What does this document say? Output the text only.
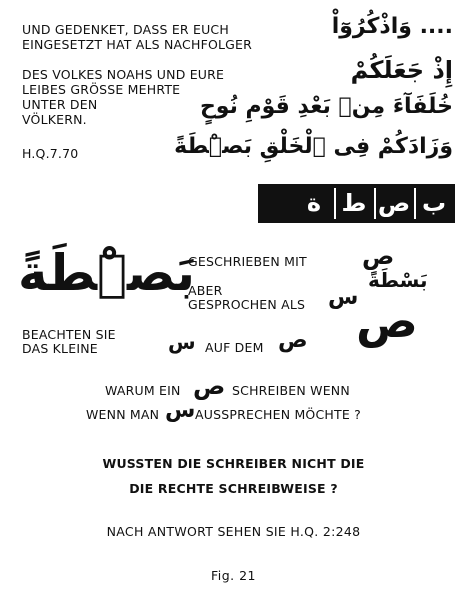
UND GEDENKET, DASS ER EUCH
EINGESETZT HAT ALS NACHFOLGER
DES VOLKES NOAHS UND EURE
LEIBES GRÖSSE MEHRTE
UNTER DEN
VÖLKERN.
H.Q.7.70
.... وَاذْكُرُوٓاْ
إِذْ جَعَلَكُمْ
خُلَفَآءَ مِنۢ بَعْدِ قَوْمِ نُوحٍ
وَزَادَكُمْ فِى ٱلْخَلْقِ بَصْۜطَةً
ب
ص
ط
ة
بَصْۜطَةً
GESCHRIEBEN MIT ص
ABER
GESPROCHEN ALS س
بَسْطَةً
ص
BEACHTEN SIE
DAS KLEINE	س AUF DEM ص
WARUM EIN ص SCHREIBEN WENN
WENN MAN س AUSSPRECHEN MÖCHTE ?
WUSSTEN DIE SCHREIBER NICHT DIE
DIE RECHTE SCHREIBWEISE ?
NACH ANTWORT SEHEN SIE H.Q. 2:248
Fig. 21
